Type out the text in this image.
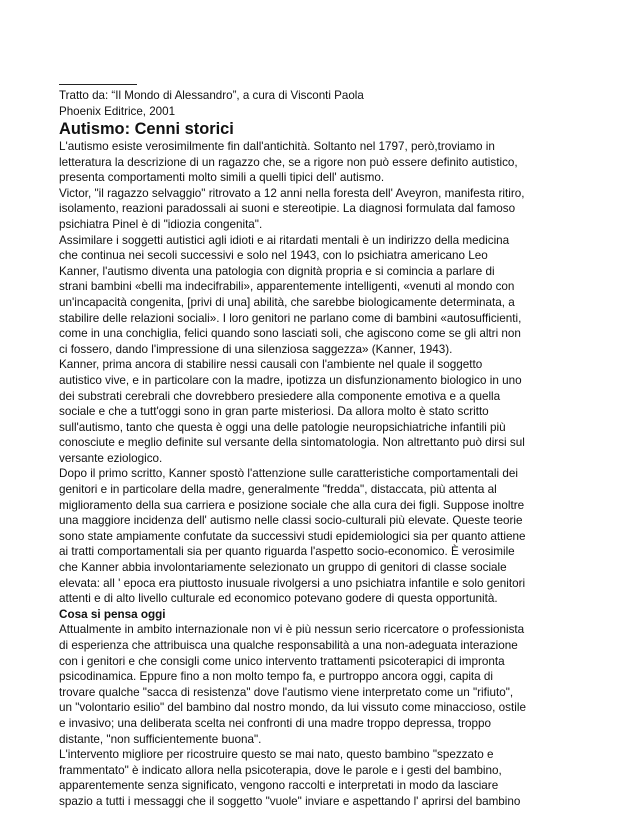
Tratto da: “Il Mondo di Alessandro”, a cura di Visconti Paola
Phoenix Editrice, 2001
Autismo: Cenni storici
L'autismo esiste verosimilmente fin dall'antichità. Soltanto nel 1797, però,troviamo in
letteratura la descrizione di un ragazzo che, se a rigore non può essere definito autistico,
presenta comportamenti molto simili a quelli tipici dell' autismo.
Victor, "il ragazzo selvaggio" ritrovato a 12 anni nella foresta dell' Aveyron, manifesta ritiro,
isolamento, reazioni paradossali ai suoni e stereotipie. La diagnosi formulata dal famoso
psichiatra Pinel è di "idiozia congenita".
Assimilare i soggetti autistici agli idioti e ai ritardati mentali è un indirizzo della medicina
che continua nei secoli successivi e solo nel 1943, con lo psichiatra americano Leo
Kanner, l'autismo diventa una patologia con dignità propria e si comincia a parlare di
strani bambini «belli ma indecifrabili», apparentemente intelligenti, «venuti al mondo con
un'incapacità congenita, [privi di una] abilità, che sarebbe biologicamente determinata, a
stabilire delle relazioni sociali». I loro genitori ne parlano come di bambini «autosufficienti,
come in una conchiglia, felici quando sono lasciati soli, che agiscono come se gli altri non
ci fossero, dando l'impressione di una silenziosa saggezza» (Kanner, 1943).
Kanner, prima ancora di stabilire nessi causali con l'ambiente nel quale il soggetto
autistico vive, e in particolare con la madre, ipotizza un disfunzionamento biologico in uno
dei substrati cerebrali che dovrebbero presiedere alla componente emotiva e a quella
sociale e che a tutt'oggi sono in gran parte misteriosi. Da allora molto è stato scritto
sull'autismo, tanto che questa è oggi una delle patologie neuropsichiatriche infantili più
conosciute e meglio definite sul versante della sintomatologia. Non altrettanto può dirsi sul
versante eziologico.
Dopo il primo scritto, Kanner spostò l'attenzione sulle caratteristiche comportamentali dei
genitori e in particolare della madre, generalmente "fredda", distaccata, più attenta al
miglioramento della sua carriera e posizione sociale che alla cura dei figli. Suppose inoltre
una maggiore incidenza dell' autismo nelle classi socio-culturali più elevate. Queste teorie
sono state ampiamente confutate da successivi studi epidemiologici sia per quanto attiene
ai tratti comportamentali sia per quanto riguarda l'aspetto socio-economico. È verosimile
che Kanner abbia involontariamente selezionato un gruppo di genitori di classe sociale
elevata: all ' epoca era piuttosto inusuale rivolgersi a uno psichiatra infantile e solo genitori
attenti e di alto livello culturale ed economico potevano godere di questa opportunità.
Cosa si pensa oggi
Attualmente in ambito internazionale non vi è più nessun serio ricercatore o professionista
di esperienza che attribuisca una qualche responsabilità a una non-adeguata interazione
con i genitori e che consigli come unico intervento trattamenti psicoterapici di impronta
psicodinamica. Eppure fino a non molto tempo fa, e purtroppo ancora oggi, capita di
trovare qualche "sacca di resistenza" dove l'autismo viene interpretato come un "rifiuto",
un "volontario esilio" del bambino dal nostro mondo, da lui vissuto come minaccioso, ostile
e invasivo; una deliberata scelta nei confronti di una madre troppo depressa, troppo
distante, "non sufficientemente buona".
L'intervento migliore per ricostruire questo se mai nato, questo bambino "spezzato e
frammentato" è indicato allora nella psicoterapia, dove le parole e i gesti del bambino,
apparentemente senza significato, vengono raccolti e interpretati in modo da lasciare
spazio a tutti i messaggi che il soggetto "vuole" inviare e aspettando l' aprirsi del bambino
